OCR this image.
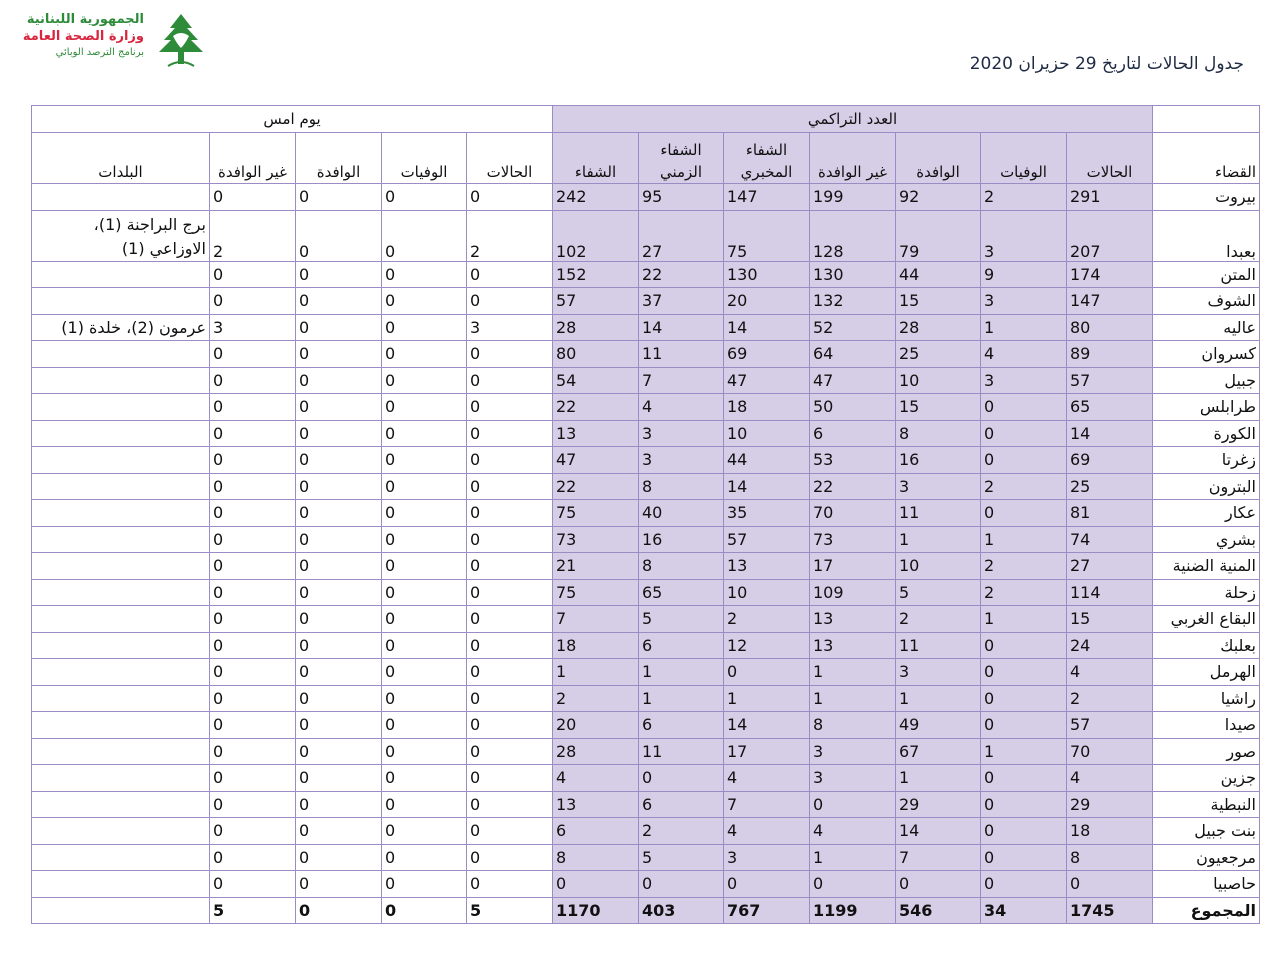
الجمهورية اللبنانية
وزارة الصحة العامة
برنامج الترصد الوبائي
جدول الحالات لتاريخ 29 حزيران 2020
	العدد التراكمي							يوم امس				
القضاء	الحالات	الوفيات	الوافدة	غير الوافدة	الشفاء المخبري	الشفاء الزمني	الشفاء	الحالات	الوفيات	الوافدة	غير الوافدة	البلدات
بيروت	291	2	92	199	147	95	242	0	0	0	0	
بعبدا	207	3	79	128	75	27	102	2	0	0	2	برج البراجنة (1)، الاوزاعي (1)
المتن	174	9	44	130	130	22	152	0	0	0	0	
الشوف	147	3	15	132	20	37	57	0	0	0	0	
عاليه	80	1	28	52	14	14	28	3	0	0	3	عرمون (2)، خلدة (1)
كسروان	89	4	25	64	69	11	80	0	0	0	0	
جبيل	57	3	10	47	47	7	54	0	0	0	0	
طرابلس	65	0	15	50	18	4	22	0	0	0	0	
الكورة	14	0	8	6	10	3	13	0	0	0	0	
زغرتا	69	0	16	53	44	3	47	0	0	0	0	
البترون	25	2	3	22	14	8	22	0	0	0	0	
عكار	81	0	11	70	35	40	75	0	0	0	0	
بشري	74	1	1	73	57	16	73	0	0	0	0	
المنية الضنية	27	2	10	17	13	8	21	0	0	0	0	
زحلة	114	2	5	109	10	65	75	0	0	0	0	
البقاع الغربي	15	1	2	13	2	5	7	0	0	0	0	
بعلبك	24	0	11	13	12	6	18	0	0	0	0	
الهرمل	4	0	3	1	0	1	1	0	0	0	0	
راشيا	2	0	1	1	1	1	2	0	0	0	0	
صيدا	57	0	49	8	14	6	20	0	0	0	0	
صور	70	1	67	3	17	11	28	0	0	0	0	
جزين	4	0	1	3	4	0	4	0	0	0	0	
النبطية	29	0	29	0	7	6	13	0	0	0	0	
بنت جبيل	18	0	14	4	4	2	6	0	0	0	0	
مرجعيون	8	0	7	1	3	5	8	0	0	0	0	
حاصبيا	0	0	0	0	0	0	0	0	0	0	0	
المجموع	1745	34	546	1199	767	403	1170	5	0	0	5	
